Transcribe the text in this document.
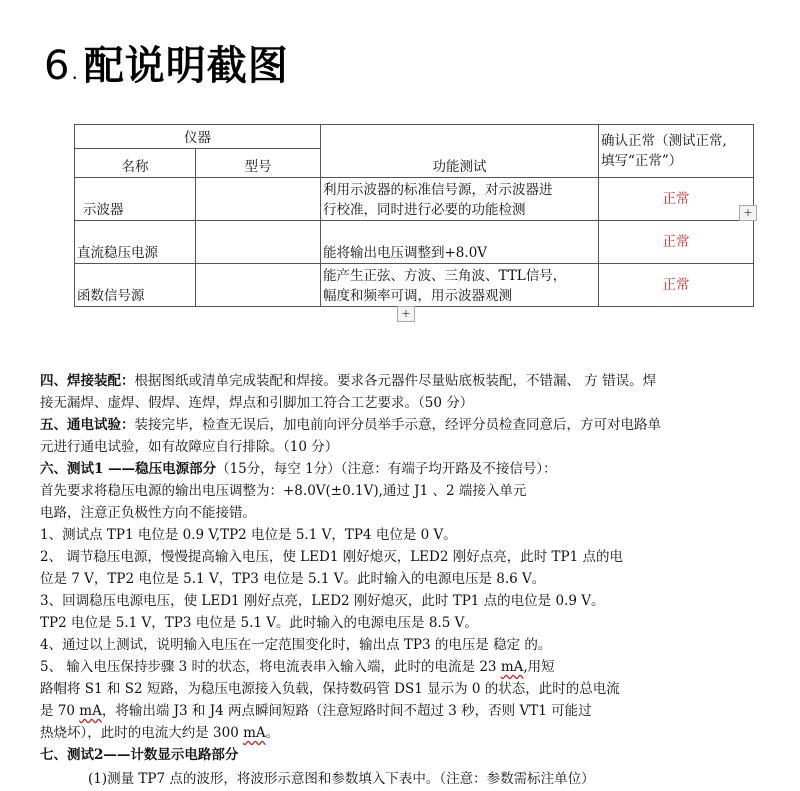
6 . 配说明截图
仪器		功能测试	确认正常（测试正常,
填写“正常”）

名称	型号		
示波器		利用示波器的标准信号源，对示波器进
行校准，同时进行必要的功能检测	正常
直流稳压电源		能将输出电压调整到+8.0V	正常
函数信号源		能产生正弦、方波、三角波、TTL信号，
幅度和频率可调，用示波器观测	正常
+
+
四、焊接装配：根据图纸或清单完成装配和焊接。要求各元器件尽量贴底板装配，不错漏、 方 错误。焊
接无漏焊、虚焊、假焊、连焊，焊点和引脚加工符合工艺要求。（50 分）
五、通电试验：装接完毕，检查无误后，加电前向评分员举手示意，经评分员检查同意后，方可对电路单
元进行通电试验，如有故障应自行排除。（10 分）
六、测试1 ——稳压电源部分（15分，每空 1分）（注意：有端子均开路及不接信号）：
首先要求将稳压电源的输出电压调整为：+8.0V(±0.1V),通过 J1 、2 端接入单元
电路，注意正负极性方向不能接错。
1、测试点 TP1 电位是 0.9 V,TP2 电位是 5.1 V，TP4 电位是 0 V。
2、 调节稳压电源，慢慢提高输入电压，使 LED1 刚好熄灭，LED2 刚好点亮，此时 TP1 点的电
位是 7 V，TP2 电位是 5.1 V，TP3 电位是 5.1 V。此时输入的电源电压是 8.6 V。
3、回调稳压电源电压，使 LED1 刚好点亮，LED2 刚好熄灭，此时 TP1 点的电位是 0.9 V。
TP2 电位是 5.1 V，TP3 电位是 5.1 V。此时输入的电源电压是 8.5 V。
4、通过以上测试，说明输入电压在一定范围变化时，输出点 TP3 的电压是 稳定 的。
5、 输入电压保持步骤 3 时的状态，将电流表串入输入端，此时的电流是 23 mA,用短
路帽将 S1 和 S2 短路，为稳压电源接入负载，保持数码管 DS1 显示为 0 的状态，此时的总电流
是 70 mA，将输出端 J3 和 J4 两点瞬间短路（注意短路时间不超过 3 秒，否则 VT1 可能过
热烧坏），此时的电流大约是 300 mA。
七、测试2——计数显示电路部分
(1)测量 TP7 点的波形，将波形示意图和参数填入下表中。（注意：参数需标注单位）
